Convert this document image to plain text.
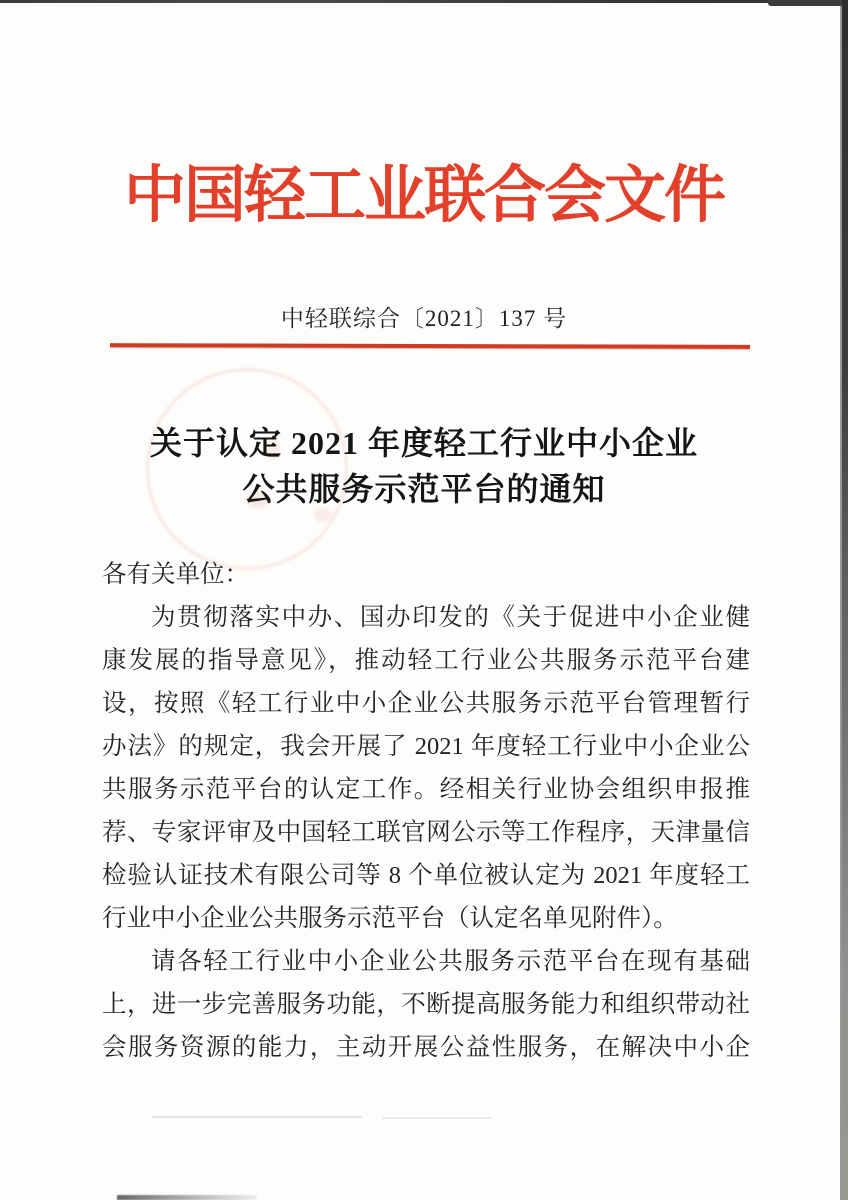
中国轻工业联合会文件
中轻联综合〔2021〕137 号
关于认定 2021 年度轻工行业中小企业
公共服务示范平台的通知
各有关单位：
为贯彻落实中办、国办印发的《关于促进中小企业健
康发展的指导意见》，推动轻工行业公共服务示范平台建
设，按照《轻工行业中小企业公共服务示范平台管理暂行
办法》的规定，我会开展了 2021 年度轻工行业中小企业公
共服务示范平台的认定工作。经相关行业协会组织申报推
荐、专家评审及中国轻工联官网公示等工作程序，天津量信
检验认证技术有限公司等 8 个单位被认定为 2021 年度轻工
行业中小企业公共服务示范平台（认定名单见附件）。
请各轻工行业中小企业公共服务示范平台在现有基础
上，进一步完善服务功能，不断提高服务能力和组织带动社
会服务资源的能力，主动开展公益性服务，在解决中小企
